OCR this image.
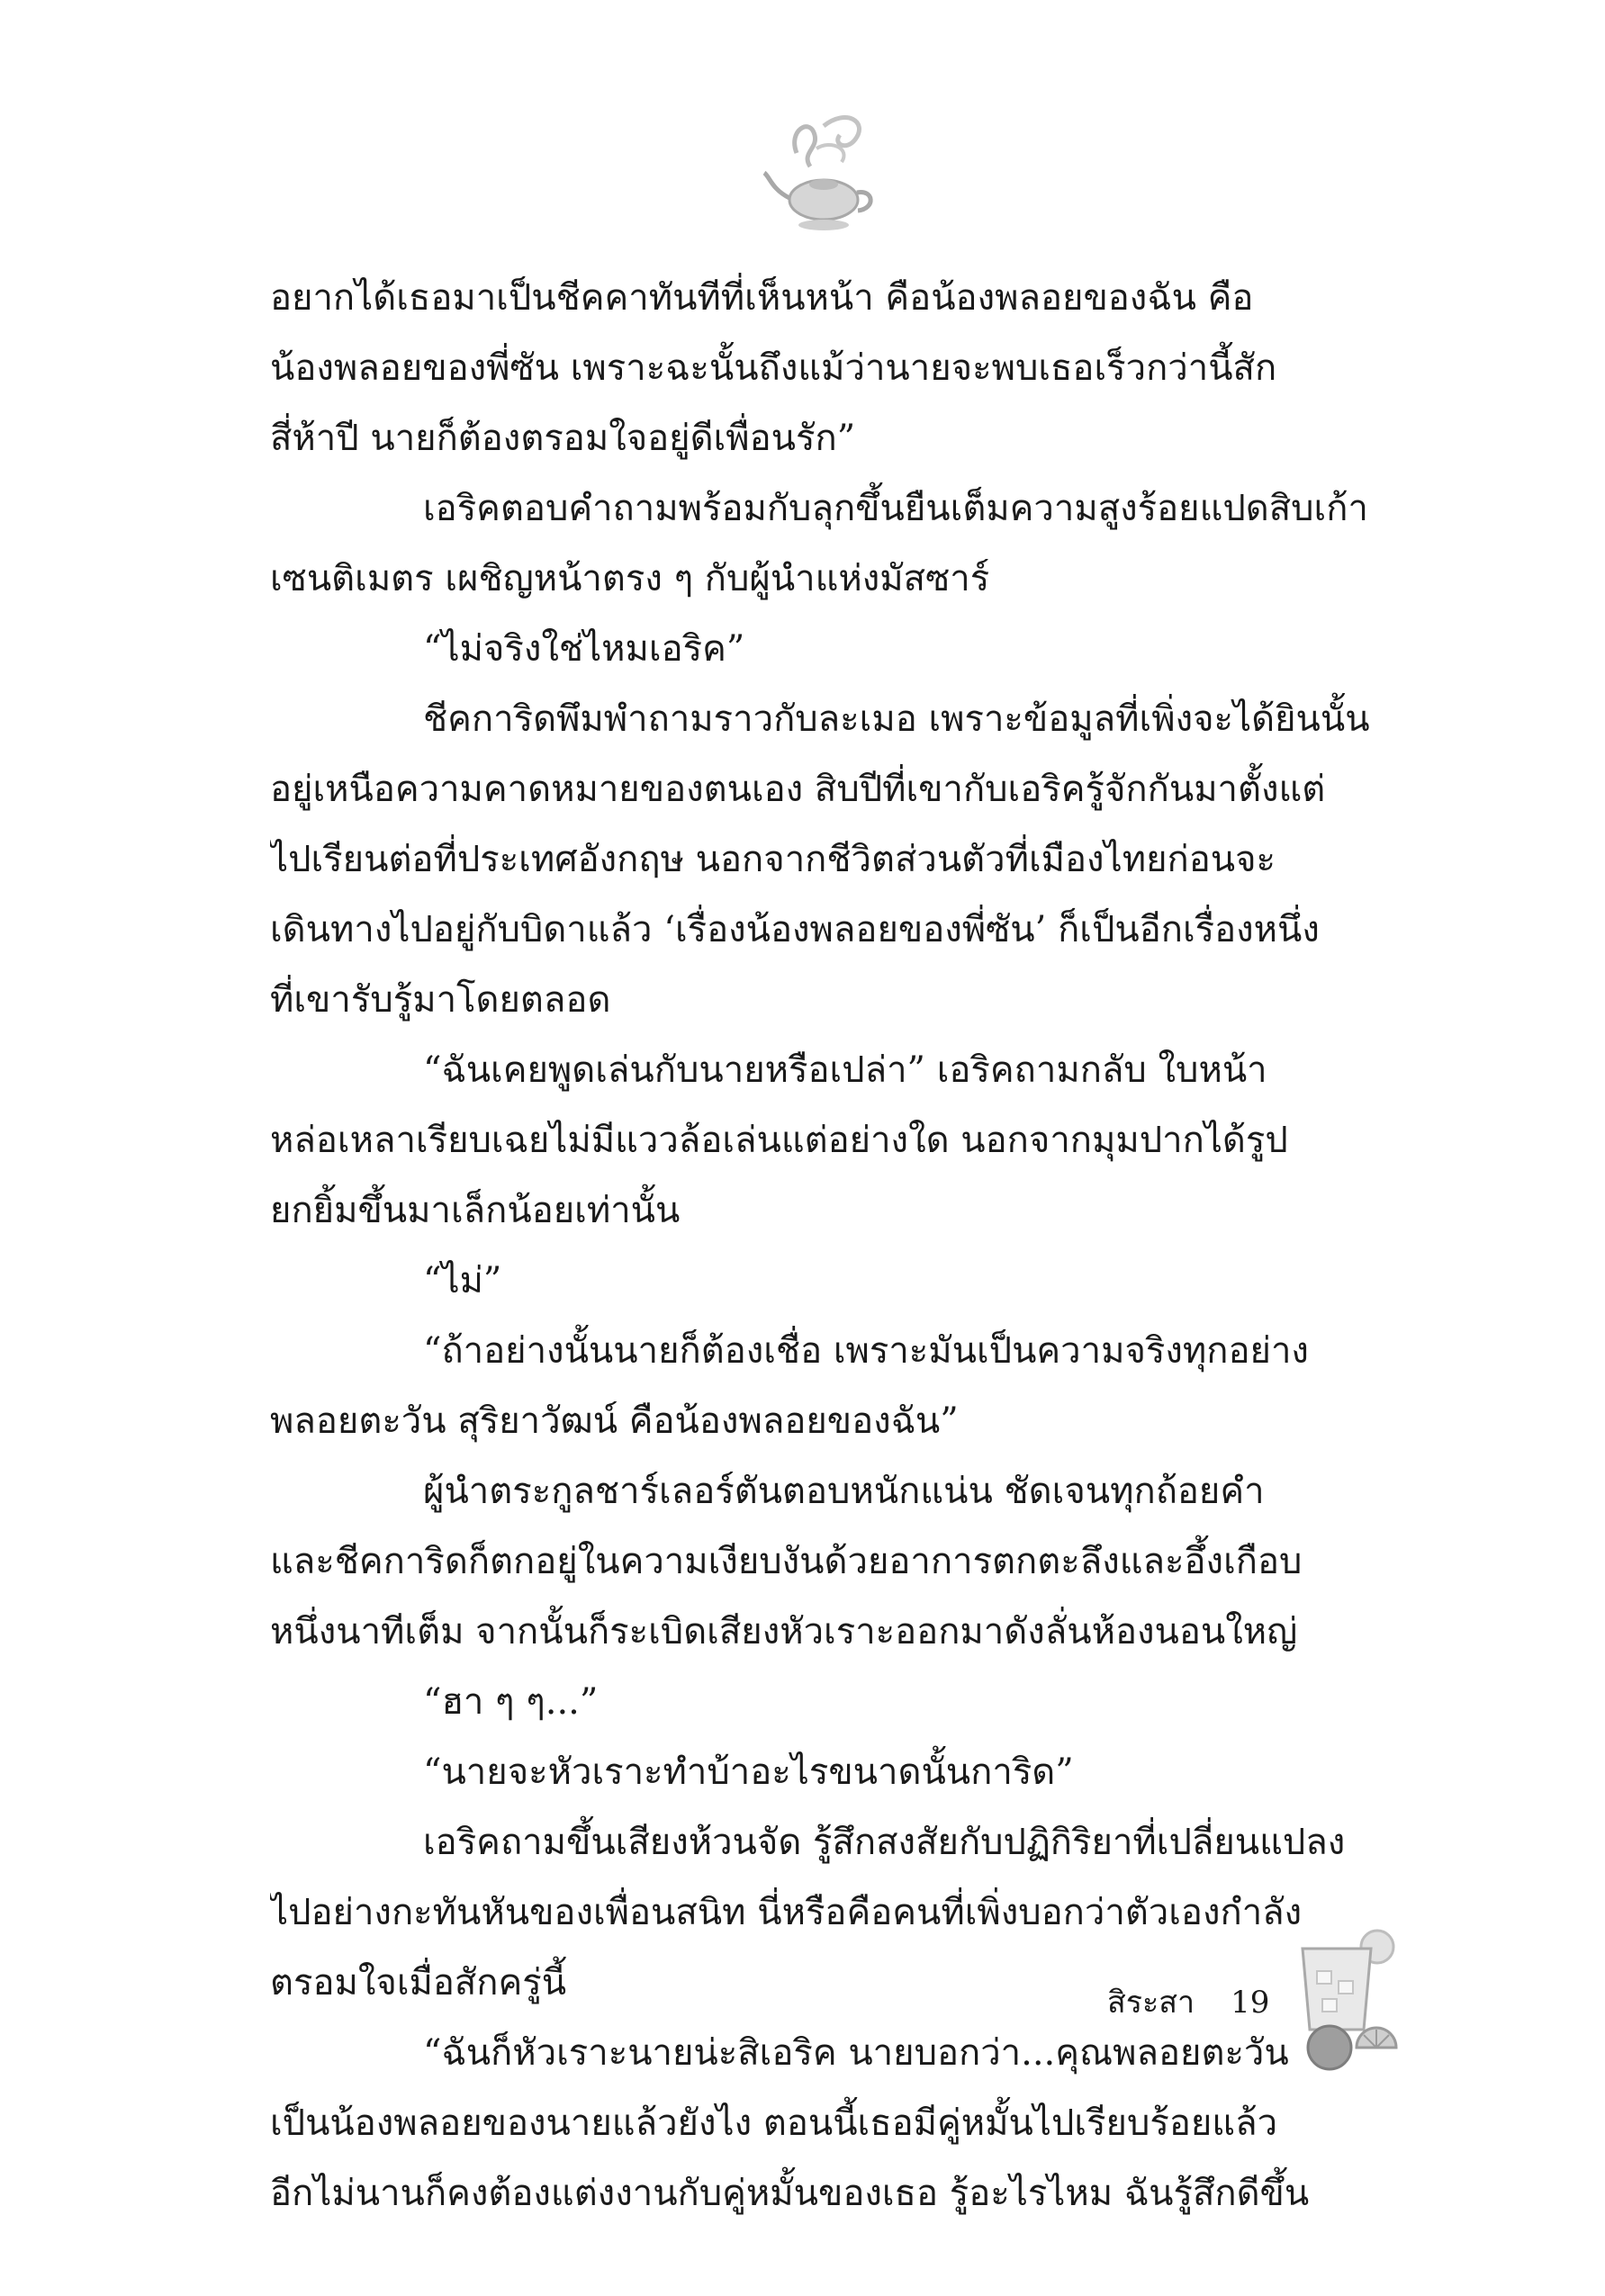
อยากได้เธอมาเป็นชีคคาทันทีที่เห็นหน้า คือน้องพลอยของฉัน คือ
น้องพลอยของพี่ซัน เพราะฉะนั้นถึงแม้ว่านายจะพบเธอเร็วกว่านี้สัก
สี่ห้าปี นายก็ต้องตรอมใจอยู่ดีเพื่อนรัก”
เอริคตอบคำถามพร้อมกับลุกขึ้นยืนเต็มความสูงร้อยแปดสิบเก้า
เซนติเมตร เผชิญหน้าตรง ๆ กับผู้นำแห่งมัสซาร์
“ไม่จริงใช่ไหมเอริค”
ชีคการิดพึมพำถามราวกับละเมอ เพราะข้อมูลที่เพิ่งจะได้ยินนั้น
อยู่เหนือความคาดหมายของตนเอง สิบปีที่เขากับเอริครู้จักกันมาตั้งแต่
ไปเรียนต่อที่ประเทศอังกฤษ นอกจากชีวิตส่วนตัวที่เมืองไทยก่อนจะ
เดินทางไปอยู่กับบิดาแล้ว ‘เรื่องน้องพลอยของพี่ซัน’ ก็เป็นอีกเรื่องหนึ่ง
ที่เขารับรู้มาโดยตลอด
“ฉันเคยพูดเล่นกับนายหรือเปล่า” เอริคถามกลับ ใบหน้า
หล่อเหลาเรียบเฉยไม่มีแววล้อเล่นแต่อย่างใด นอกจากมุมปากได้รูป
ยกยิ้มขึ้นมาเล็กน้อยเท่านั้น
“ไม่”
“ถ้าอย่างนั้นนายก็ต้องเชื่อ เพราะมันเป็นความจริงทุกอย่าง
พลอยตะวัน สุริยาวัฒน์ คือน้องพลอยของฉัน”
ผู้นำตระกูลชาร์เลอร์ตันตอบหนักแน่น ชัดเจนทุกถ้อยคำ
และชีคการิดก็ตกอยู่ในความเงียบงันด้วยอาการตกตะลึงและอึ้งเกือบ
หนึ่งนาทีเต็ม จากนั้นก็ระเบิดเสียงหัวเราะออกมาดังลั่นห้องนอนใหญ่
“ฮา ๆ ๆ...”
“นายจะหัวเราะทำบ้าอะไรขนาดนั้นการิด”
เอริคถามขึ้นเสียงห้วนจัด รู้สึกสงสัยกับปฏิกิริยาที่เปลี่ยนแปลง
ไปอย่างกะทันหันของเพื่อนสนิท นี่หรือคือคนที่เพิ่งบอกว่าตัวเองกำลัง
ตรอมใจเมื่อสักครู่นี้
“ฉันก็หัวเราะนายน่ะสิเอริค นายบอกว่า...คุณพลอยตะวัน
เป็นน้องพลอยของนายแล้วยังไง ตอนนี้เธอมีคู่หมั้นไปเรียบร้อยแล้ว
อีกไม่นานก็คงต้องแต่งงานกับคู่หมั้นของเธอ รู้อะไรไหม ฉันรู้สึกดีขึ้น
สิระสา 19
